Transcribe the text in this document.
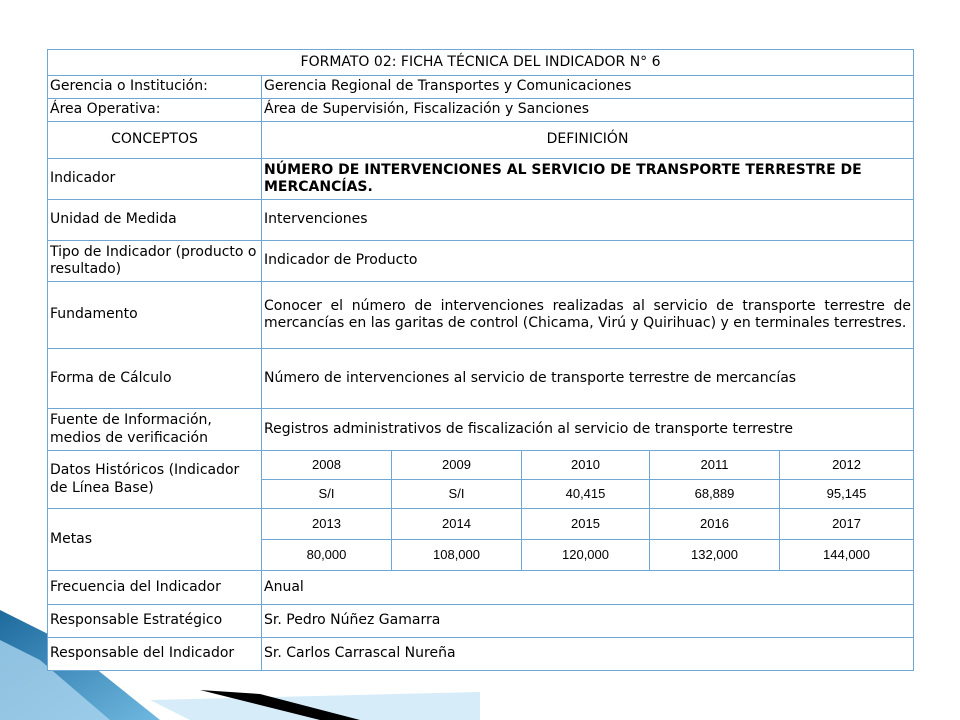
FORMATO 02: FICHA TÉCNICA DEL INDICADOR N° 6					
Gerencia o Institución:	Gerencia Regional de Transportes y Comunicaciones				
Área Operativa:	Área de Supervisión, Fiscalización y Sanciones				
CONCEPTOS	DEFINICIÓN				
Indicador	NÚMERO DE INTERVENCIONES AL SERVICIO DE TRANSPORTE TERRESTRE DE MERCANCÍAS.				
Unidad de Medida	Intervenciones				
Tipo de Indicador (producto o resultado)	Indicador de Producto				
Fundamento	Conocer el número de intervenciones realizadas al servicio de transporte terrestre de mercancías en las garitas de control (Chicama, Virú y Quirihuac) y en terminales terrestres.				
Forma de Cálculo	Número de intervenciones al servicio de transporte terrestre de mercancías				
Fuente de Información, medios de verificación	Registros administrativos de fiscalización al servicio de transporte terrestre				
Datos Históricos (Indicador de Línea Base)	2008	2009	2010	2011	2012
	S/I	S/I	40,415	68,889	95,145
Metas	2013	2014	2015	2016	2017
	80,000	108,000	120,000	132,000	144,000
Frecuencia del Indicador	Anual				
Responsable Estratégico	Sr. Pedro Núñez Gamarra				
Responsable del Indicador	Sr. Carlos Carrascal Nureña				
